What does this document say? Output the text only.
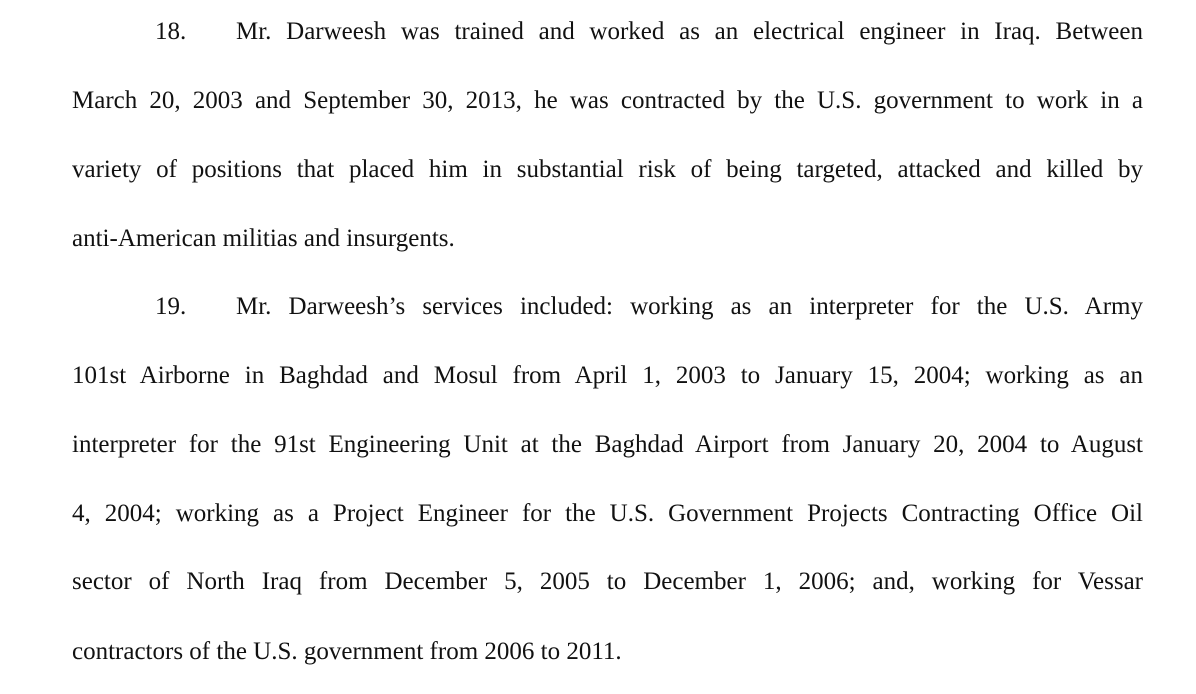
18.	Mr. Darweesh was trained and worked as an electrical engineer in Iraq. Between
March 20, 2003 and September 30, 2013, he was contracted by the U.S. government to work in a
variety of positions that placed him in substantial risk of being targeted, attacked and killed by
anti-American militias and insurgents.
19.	Mr. Darweesh’s services included: working as an interpreter for the U.S. Army
101st Airborne in Baghdad and Mosul from April 1, 2003 to January 15, 2004; working as an
interpreter for the 91st Engineering Unit at the Baghdad Airport from January 20, 2004 to August
4, 2004; working as a Project Engineer for the U.S. Government Projects Contracting Office Oil
sector of North Iraq from December 5, 2005 to December 1, 2006; and, working for Vessar
contractors of the U.S. government from 2006 to 2011.
